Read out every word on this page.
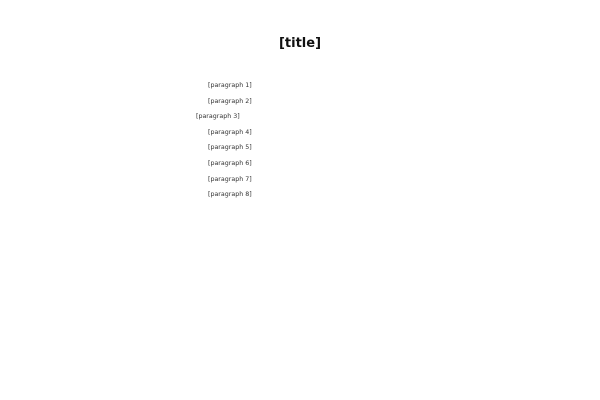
[title]

[paragraph 1]

[paragraph 2]

[paragraph 3]

[paragraph 4]

[paragraph 5]

[paragraph 6]

[paragraph 7]

[paragraph 8]
